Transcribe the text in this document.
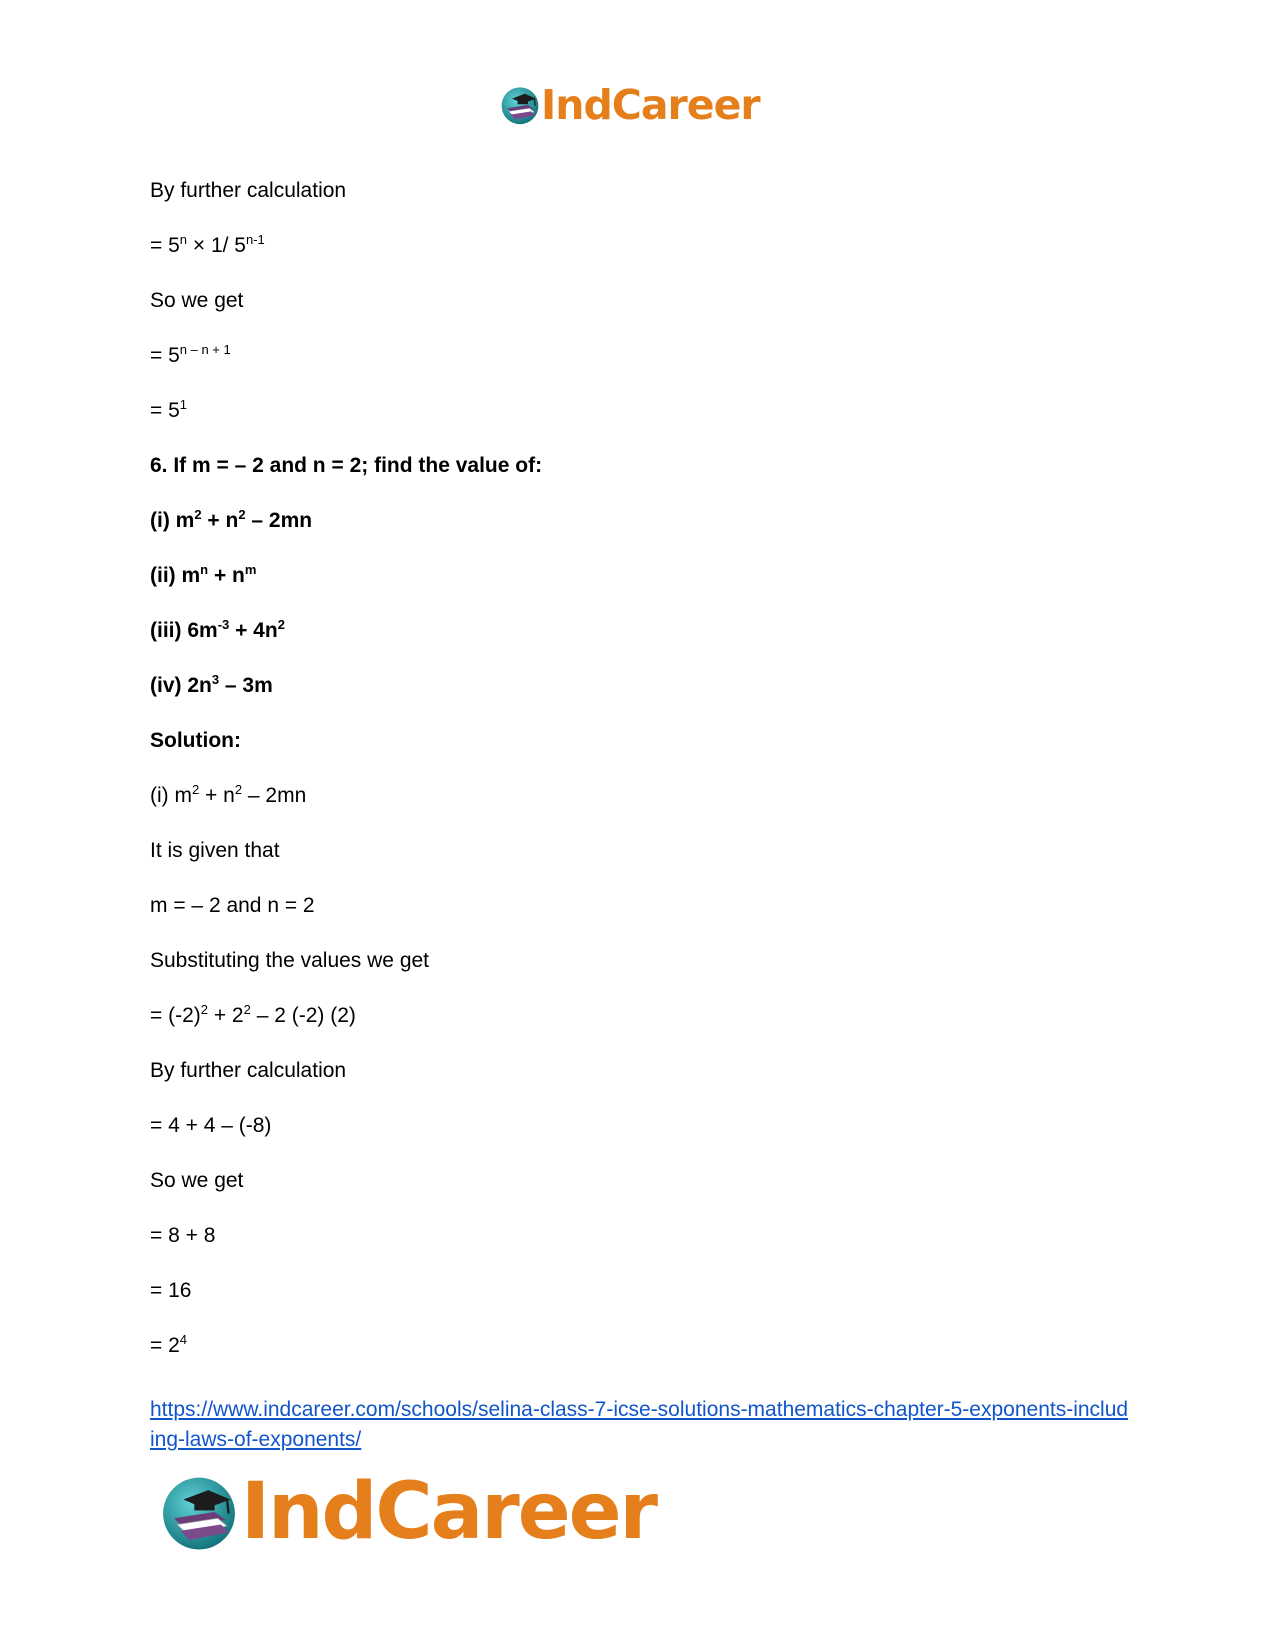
IndCareer
By further calculation
= $5^n \times 1/$ 5$^{n-1}$
So we get
= $5^{n - n + 1}$
= $5^1$
6. If m = – 2 and n = 2; find the value of:
(i) $m^2 + n^2 - 2mn$
(ii) $m^n + n^m$
(iii) $6m^{-3} + 4n^2$
(iv) $2n^3 - 3m$
Solution:
(i) $m^2 + n^2 - 2mn$
It is given that
m = – 2 and n = 2
Substituting the values we get
= $(-2)^2 + 2^2 - 2$ (-2) (2)
By further calculation
= 4 + 4 – (-8)
So we get
= 8 + 8
= 16
= $2^4$
https://www.indcareer.com/schools/selina-class-7-icse-solutions-mathematics-chapter-5-exponents-including-laws-of-exponents/
IndCareer
